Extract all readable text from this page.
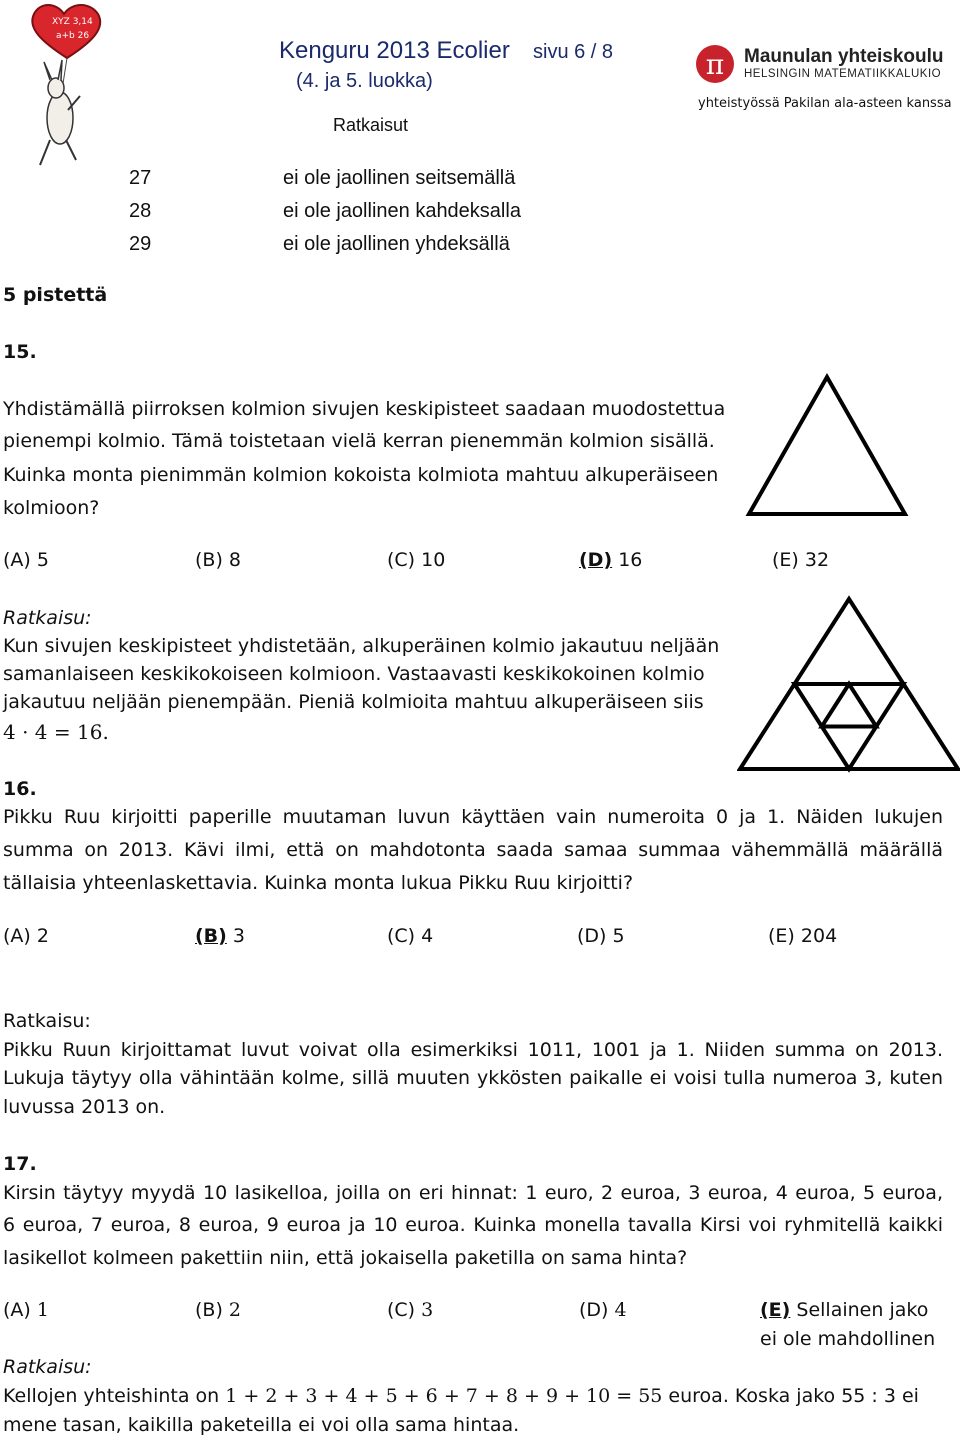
XYZ 3,14
a+b 26
Kenguru 2013 Ecolier sivu 6 / 8
(4. ja 5. luokka)
Ratkaisut
π Maunulan yhteiskoulu
HELSINGIN MATEMATIIKKALUKIO
yhteistyössä Pakilan ala-asteen kanssa
27	ei ole jaollinen seitsemällä
28	ei ole jaollinen kahdeksalla
29	ei ole jaollinen yhdeksällä
5 pistettä
15.
Yhdistämällä piirroksen kolmion sivujen keskipisteet saadaan muodostettua
pienempi kolmio. Tämä toistetaan vielä kerran pienemmän kolmion sisällä.
Kuinka monta pienimmän kolmion kokoista kolmiota mahtuu alkuperäiseen
kolmioon?
(A) 5	(B) 8	(C) 10	(D) 16	(E) 32
Ratkaisu:
Kun sivujen keskipisteet yhdistetään, alkuperäinen kolmio jakautuu neljään
samanlaiseen keskikokoiseen kolmioon. Vastaavasti keskikokoinen kolmio
jakautuu neljään pienempään. Pieniä kolmioita mahtuu alkuperäiseen siis
4 · 4 = 16.
16.
Pikku Ruu kirjoitti paperille muutaman luvun käyttäen vain numeroita 0 ja 1. Näiden lukujen
summa on 2013. Kävi ilmi, että on mahdotonta saada samaa summaa vähemmällä määrällä
tällaisia yhteenlaskettavia. Kuinka monta lukua Pikku Ruu kirjoitti?
(A) 2	(B) 3	(C) 4	(D) 5	(E) 204
Ratkaisu:
Pikku Ruun kirjoittamat luvut voivat olla esimerkiksi 1011, 1001 ja 1. Niiden summa on 2013.
Lukuja täytyy olla vähintään kolme, sillä muuten ykkösten paikalle ei voisi tulla numeroa 3, kuten
luvussa 2013 on.
17.
Kirsin täytyy myydä 10 lasikelloa, joilla on eri hinnat: 1 euro, 2 euroa, 3 euroa, 4 euroa, 5 euroa,
6 euroa, 7 euroa, 8 euroa, 9 euroa ja 10 euroa. Kuinka monella tavalla Kirsi voi ryhmitellä kaikki
lasikellot kolmeen pakettiin niin, että jokaisella paketilla on sama hinta?
(A) 1	(B) 2	(C) 3	(D) 4	(E) Sellainen jako
ei ole mahdollinen
Ratkaisu:
Kellojen yhteishinta on 1 + 2 + 3 + 4 + 5 + 6 + 7 + 8 + 9 + 10 = 55 euroa. Koska jako 55 : 3 ei
mene tasan, kaikilla paketeilla ei voi olla sama hintaa.
